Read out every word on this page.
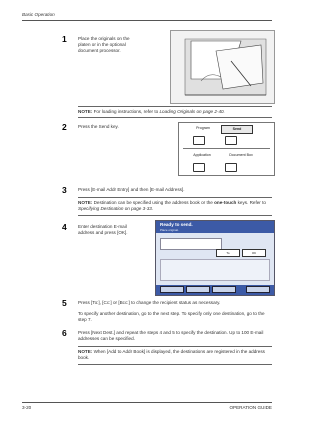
Basic Operation
1 Place the originals on the platen or in the optional document processor.
NOTE: For loading instructions, refer to Loading Originals on page 2-40.
2 Press the Send key.	Program	Send
Application	Document Box
3 Press [E-mail Addr Entry] and then [E-mail Address].
NOTE: Destination can be specified using the address book or the one-touch keys. Refer to Specifying Destination on page 3-33.
4 Enter destination E-mail address and press [OK].
Ready to send.
Place original.
To	OK
5 Press [To:], [Cc:] or [Bcc:] to change the recipient status as necessary.
To specify another destination, go to the next step. To specify only one destination, go to the step 7.
6 Press [Next Dest.] and repeat the steps 4 and 5 to specify the destination. Up to 100 E-mail addresses can be specified.
NOTE: When [Add to Addr Book] is displayed, the destinations are registered in the address book.
3-20	OPERATION GUIDE
